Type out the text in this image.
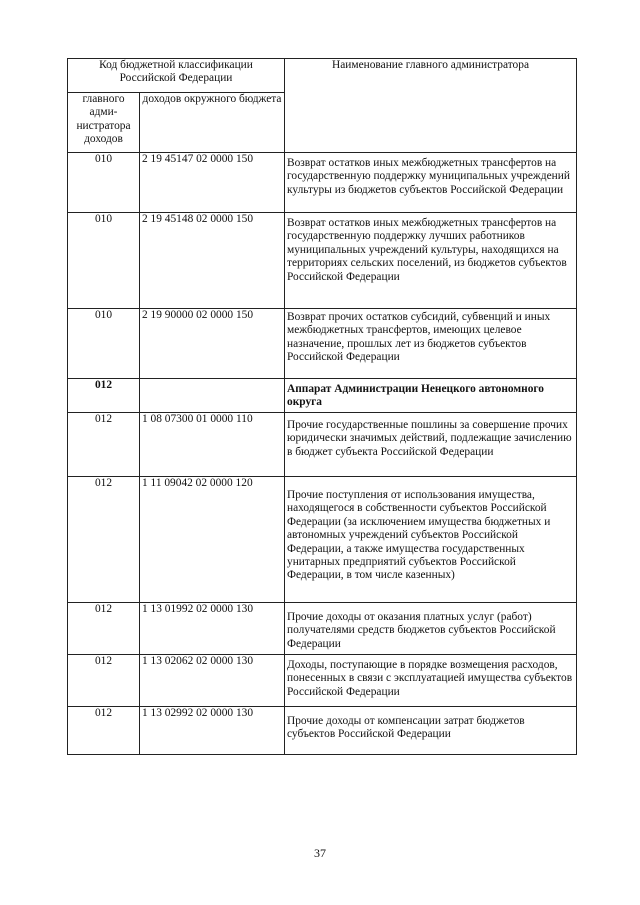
Код бюджетной классификации Российской Федерации		Наименование главного администратора
главного адми-нистратора доходов	доходов окружного бюджета	
010	2 19 45147 02 0000 150	Возврат остатков иных межбюджетных трансфертов на государственную поддержку муниципальных учреждений культуры из бюджетов субъектов Российской Федерации
010	2 19 45148 02 0000 150	Возврат остатков иных межбюджетных трансфертов на государственную поддержку лучших работников муниципальных учреждений культуры, находящихся на территориях сельских поселений, из бюджетов субъектов Российской Федерации
010	2 19 90000 02 0000 150	Возврат прочих остатков субсидий, субвенций и иных межбюджетных трансфертов, имеющих целевое назначение, прошлых лет из бюджетов субъектов Российской Федерации
012		Аппарат Администрации Ненецкого автономного округа
012	1 08 07300 01 0000 110	Прочие государственные пошлины за совершение прочих юридически значимых действий, подлежащие зачислению в бюджет субъекта Российской Федерации
012	1 11 09042 02 0000 120	Прочие поступления от использования имущества, находящегося в собственности субъектов Российской Федерации (за исключением имущества бюджетных и автономных учреждений субъектов Российской Федерации, а также имущества государственных унитарных предприятий субъектов Российской Федерации, в том числе казенных)
012	1 13 01992 02 0000 130	Прочие доходы от оказания платных услуг (работ) получателями средств бюджетов субъектов Российской Федерации
012	1 13 02062 02 0000 130	Доходы, поступающие в порядке возмещения расходов, понесенных в связи с эксплуатацией имущества субъектов Российской Федерации
012	1 13 02992 02 0000 130	Прочие доходы от компенсации затрат бюджетов субъектов Российской Федерации
37
